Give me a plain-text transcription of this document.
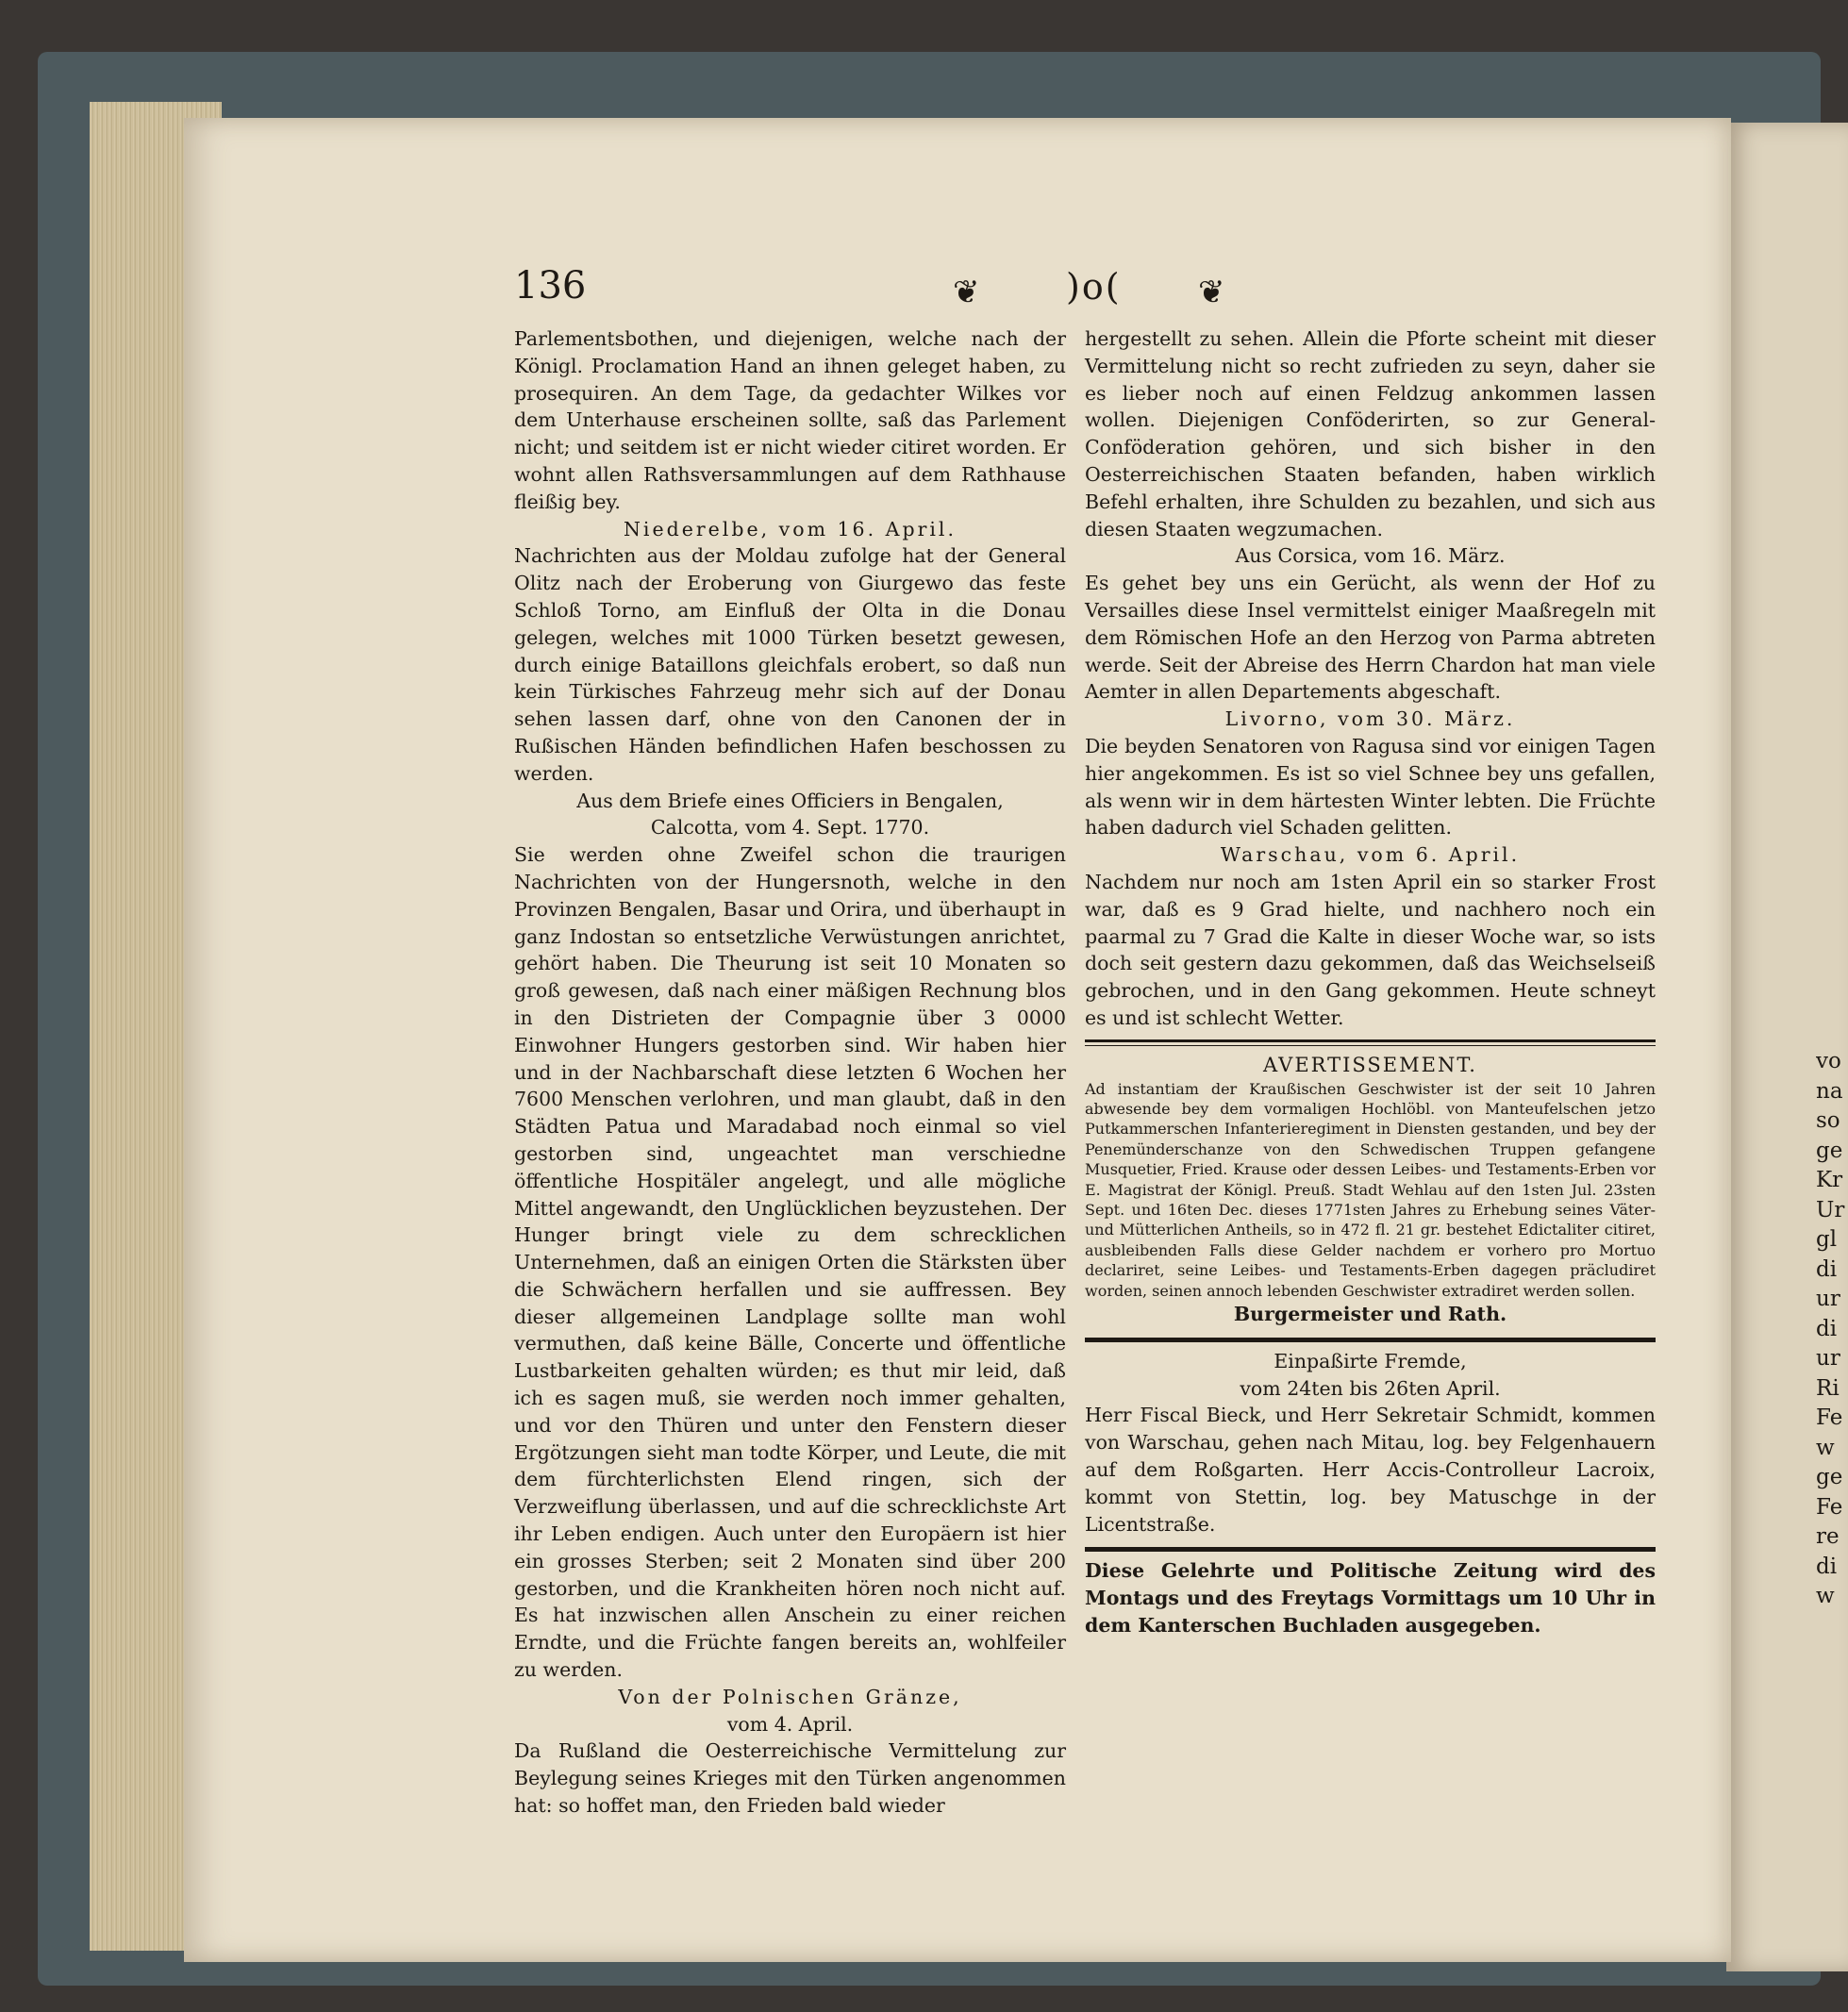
vo
na
so
ge
Kr
Ur
gl
di
ur
di
ur
Ri
Fe
w
ge
Fe
re
di
w
136	❦ )o( ❦

Parlementsbothen, und diejenigen, welche nach der Königl. Proclamation Hand an ihnen geleget haben, zu prosequiren. An dem Tage, da gedachter Wilkes vor dem Unterhause erscheinen sollte, saß das Parlement nicht; und seitdem ist er nicht wieder citiret worden. Er wohnt allen Rathsversammlungen auf dem Rathhause fleißig bey.

Niederelbe, vom 16. April.

Nachrichten aus der Moldau zufolge hat der General Olitz nach der Eroberung von Giurgewo das feste Schloß Torno, am Einfluß der Olta in die Donau gelegen, welches mit 1000 Türken besetzt gewesen, durch einige Bataillons gleichfals erobert, so daß nun kein Türkisches Fahrzeug mehr sich auf der Donau sehen lassen darf, ohne von den Canonen der in Rußischen Händen befindlichen Hafen beschossen zu werden.

Aus dem Briefe eines Officiers in Bengalen,

Calcotta, vom 4. Sept. 1770.

Sie werden ohne Zweifel schon die traurigen Nachrichten von der Hungersnoth, welche in den Provinzen Bengalen, Basar und Orira, und überhaupt in ganz Indostan so entsetzliche Verwüstungen anrichtet, gehört haben. Die Theurung ist seit 10 Monaten so groß gewesen, daß nach einer mäßigen Rechnung blos in den Distrieten der Compagnie über 3 0000 Einwohner Hungers gestorben sind. Wir haben hier und in der Nachbarschaft diese letzten 6 Wochen her 7600 Menschen verlohren, und man glaubt, daß in den Städten Patua und Maradabad noch einmal so viel gestorben sind, ungeachtet man verschiedne öffentliche Hospitäler angelegt, und alle mögliche Mittel angewandt, den Unglücklichen beyzustehen. Der Hunger bringt viele zu dem schrecklichen Unternehmen, daß an einigen Orten die Stärksten über die Schwächern herfallen und sie auffressen. Bey dieser allgemeinen Landplage sollte man wohl vermuthen, daß keine Bälle, Concerte und öffentliche Lustbarkeiten gehalten würden; es thut mir leid, daß ich es sagen muß, sie werden noch immer gehalten, und vor den Thüren und unter den Fenstern dieser Ergötzungen sieht man todte Körper, und Leute, die mit dem fürchterlichsten Elend ringen, sich der Verzweiflung überlassen, und auf die schrecklichste Art ihr Leben endigen. Auch unter den Europäern ist hier ein grosses Sterben; seit 2 Monaten sind über 200 gestorben, und die Krankheiten hören noch nicht auf. Es hat inzwischen allen Anschein zu einer reichen Erndte, und die Früchte fangen bereits an, wohlfeiler zu werden.

Von der Polnischen Gränze,

vom 4. April.

Da Rußland die Oesterreichische Vermittelung zur Beylegung seines Krieges mit den Türken angenommen hat: so hoffet man, den Frieden bald wieder

hergestellt zu sehen. Allein die Pforte scheint mit dieser Vermittelung nicht so recht zufrieden zu seyn, daher sie es lieber noch auf einen Feldzug ankommen lassen wollen. Diejenigen Conföderirten, so zur General-Conföderation gehören, und sich bisher in den Oesterreichischen Staaten befanden, haben wirklich Befehl erhalten, ihre Schulden zu bezahlen, und sich aus diesen Staaten wegzumachen.

Aus Corsica, vom 16. März.

Es gehet bey uns ein Gerücht, als wenn der Hof zu Versailles diese Insel vermittelst einiger Maaßregeln mit dem Römischen Hofe an den Herzog von Parma abtreten werde. Seit der Abreise des Herrn Chardon hat man viele Aemter in allen Departements abgeschaft.

Livorno, vom 30. März.

Die beyden Senatoren von Ragusa sind vor einigen Tagen hier angekommen. Es ist so viel Schnee bey uns gefallen, als wenn wir in dem härtesten Winter lebten. Die Früchte haben dadurch viel Schaden gelitten.

Warschau, vom 6. April.

Nachdem nur noch am 1sten April ein so starker Frost war, daß es 9 Grad hielte, und nachhero noch ein paarmal zu 7 Grad die Kalte in dieser Woche war, so ists doch seit gestern dazu gekommen, daß das Weichselseiß gebrochen, und in den Gang gekommen. Heute schneyt es und ist schlecht Wetter.

AVERTISSEMENT.

Ad instantiam der Kraußischen Geschwister ist der seit 10 Jahren abwesende bey dem vormaligen Hochlöbl. von Manteufelschen jetzo Putkammerschen Infanterieregiment in Diensten gestanden, und bey der Penemünderschanze von den Schwedischen Truppen gefangene Musquetier, Fried. Krause oder dessen Leibes- und Testaments-Erben vor E. Magistrat der Königl. Preuß. Stadt Wehlau auf den 1sten Jul. 23sten Sept. und 16ten Dec. dieses 1771sten Jahres zu Erhebung seines Väter- und Mütterlichen Antheils, so in 472 fl. 21 gr. bestehet Edictaliter citiret, ausbleibenden Falls diese Gelder nachdem er vorhero pro Mortuo declariret, seine Leibes- und Testaments-Erben dagegen präcludiret worden, seinen annoch lebenden Geschwister extradiret werden sollen.

Burgermeister und Rath.

Einpaßirte Fremde,

vom 24ten bis 26ten April.

Herr Fiscal Bieck, und Herr Sekretair Schmidt, kommen von Warschau, gehen nach Mitau, log. bey Felgenhauern auf dem Roßgarten. Herr Accis-Controlleur Lacroix, kommt von Stettin, log. bey Matuschge in der Licentstraße.

Diese Gelehrte und Politische Zeitung wird des Montags und des Freytags Vormittags um 10 Uhr in dem Kanterschen Buchladen ausgegeben.
